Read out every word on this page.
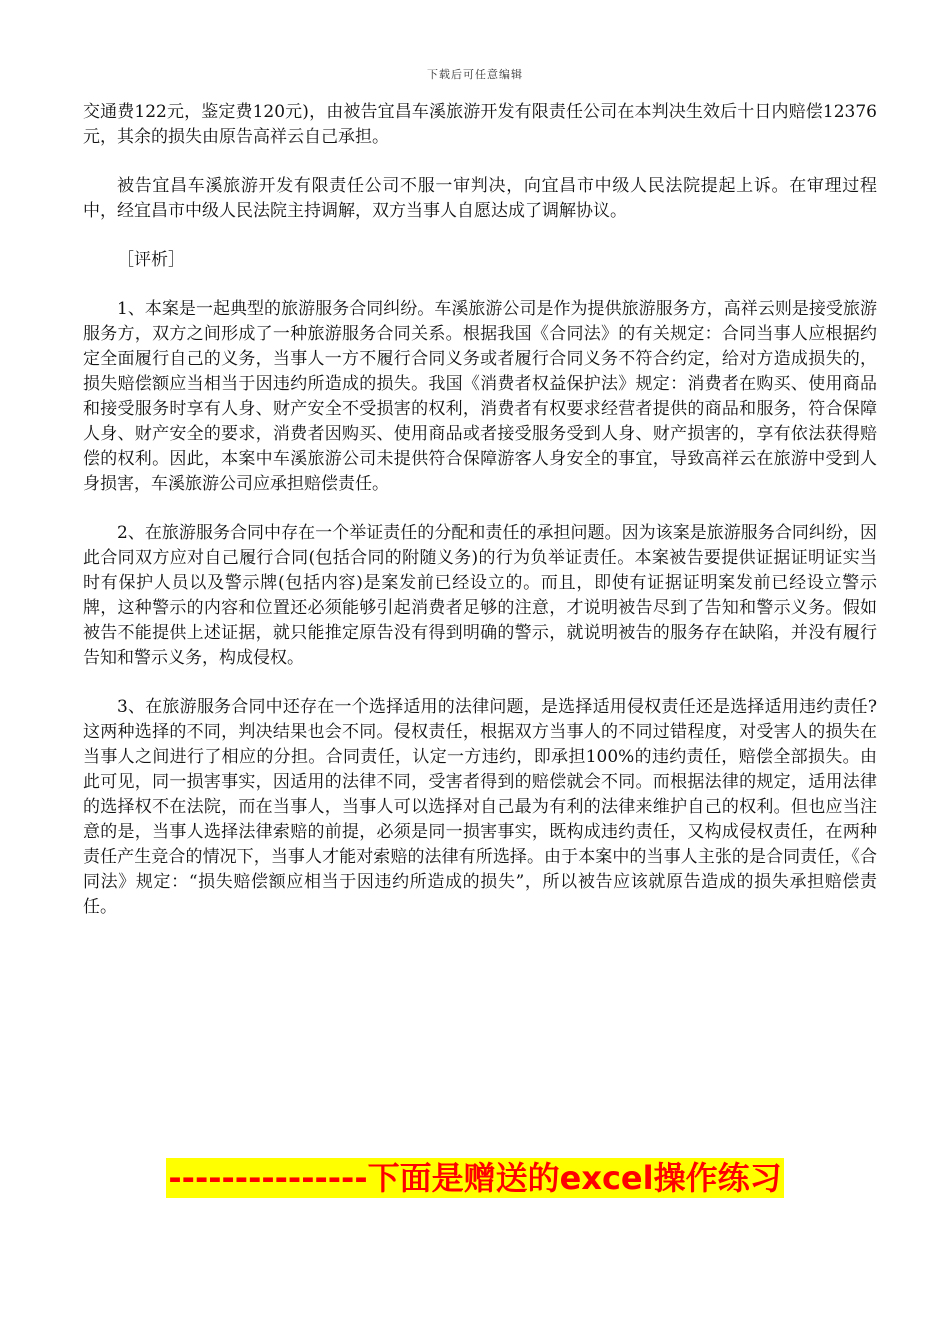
下载后可任意编辑

交通费122元，鉴定费120元)，由被告宜昌车溪旅游开发有限责任公司在本判决生效后十日内赔偿12376元，其余的损失由原告高祥云自己承担。

被告宜昌车溪旅游开发有限责任公司不服一审判决，向宜昌市中级人民法院提起上诉。在审理过程中，经宜昌市中级人民法院主持调解，双方当事人自愿达成了调解协议。

［评析］

1、本案是一起典型的旅游服务合同纠纷。车溪旅游公司是作为提供旅游服务方，高祥云则是接受旅游服务方，双方之间形成了一种旅游服务合同关系。根据我国《合同法》的有关规定：合同当事人应根据约定全面履行自己的义务，当事人一方不履行合同义务或者履行合同义务不符合约定，给对方造成损失的，损失赔偿额应当相当于因违约所造成的损失。我国《消费者权益保护法》规定：消费者在购买、使用商品和接受服务时享有人身、财产安全不受损害的权利，消费者有权要求经营者提供的商品和服务，符合保障人身、财产安全的要求，消费者因购买、使用商品或者接受服务受到人身、财产损害的，享有依法获得赔偿的权利。因此，本案中车溪旅游公司未提供符合保障游客人身安全的事宜，导致高祥云在旅游中受到人身损害，车溪旅游公司应承担赔偿责任。

2、在旅游服务合同中存在一个举证责任的分配和责任的承担问题。因为该案是旅游服务合同纠纷，因此合同双方应对自己履行合同(包括合同的附随义务)的行为负举证责任。本案被告要提供证据证明证实当时有保护人员以及警示牌(包括内容)是案发前已经设立的。而且，即使有证据证明案发前已经设立警示牌，这种警示的内容和位置还必须能够引起消费者足够的注意，才说明被告尽到了告知和警示义务。假如被告不能提供上述证据，就只能推定原告没有得到明确的警示，就说明被告的服务存在缺陷，并没有履行告知和警示义务，构成侵权。

3、在旅游服务合同中还存在一个选择适用的法律问题，是选择适用侵权责任还是选择适用违约责任?这两种选择的不同，判决结果也会不同。侵权责任，根据双方当事人的不同过错程度，对受害人的损失在当事人之间进行了相应的分担。合同责任，认定一方违约，即承担100%的违约责任，赔偿全部损失。由此可见，同一损害事实，因适用的法律不同，受害者得到的赔偿就会不同。而根据法律的规定，适用法律的选择权不在法院，而在当事人，当事人可以选择对自己最为有利的法律来维护自己的权利。但也应当注意的是，当事人选择法律索赔的前提，必须是同一损害事实，既构成违约责任，又构成侵权责任，在两种责任产生竞合的情况下，当事人才能对索赔的法律有所选择。由于本案中的当事人主张的是合同责任，《合同法》规定：“损失赔偿额应相当于因违约所造成的损失”，所以被告应该就原告造成的损失承担赔偿责任。

---------------下面是赠送的excel操作练习
